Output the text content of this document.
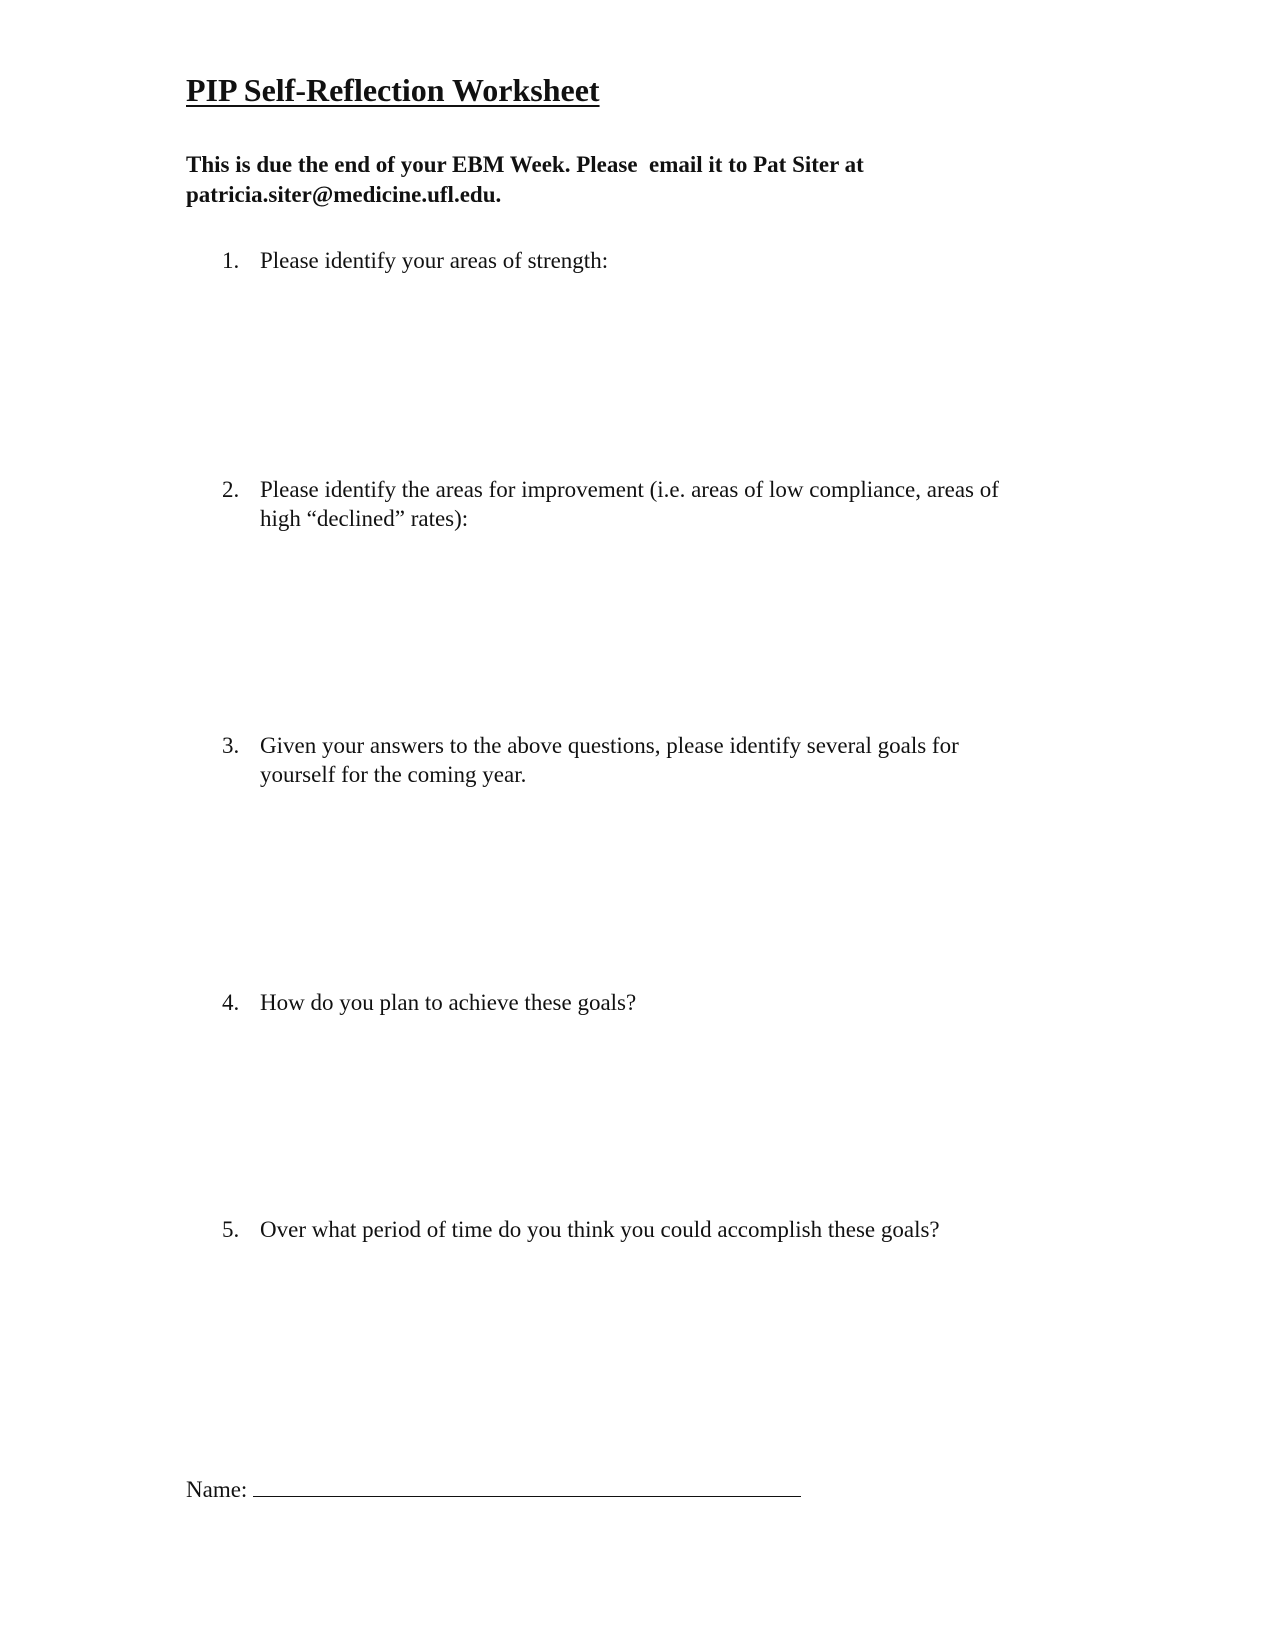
PIP Self-Reflection Worksheet
This is due the end of your EBM Week. Please  email it to Pat Siter at
patricia.siter@medicine.ufl.edu.
1. Please identify your areas of strength:
2. Please identify the areas for improvement (i.e. areas of low compliance, areas of
high “declined” rates):
3. Given your answers to the above questions, please identify several goals for
yourself for the coming year.
4. How do you plan to achieve these goals?
5. Over what period of time do you think you could accomplish these goals?
Name:
